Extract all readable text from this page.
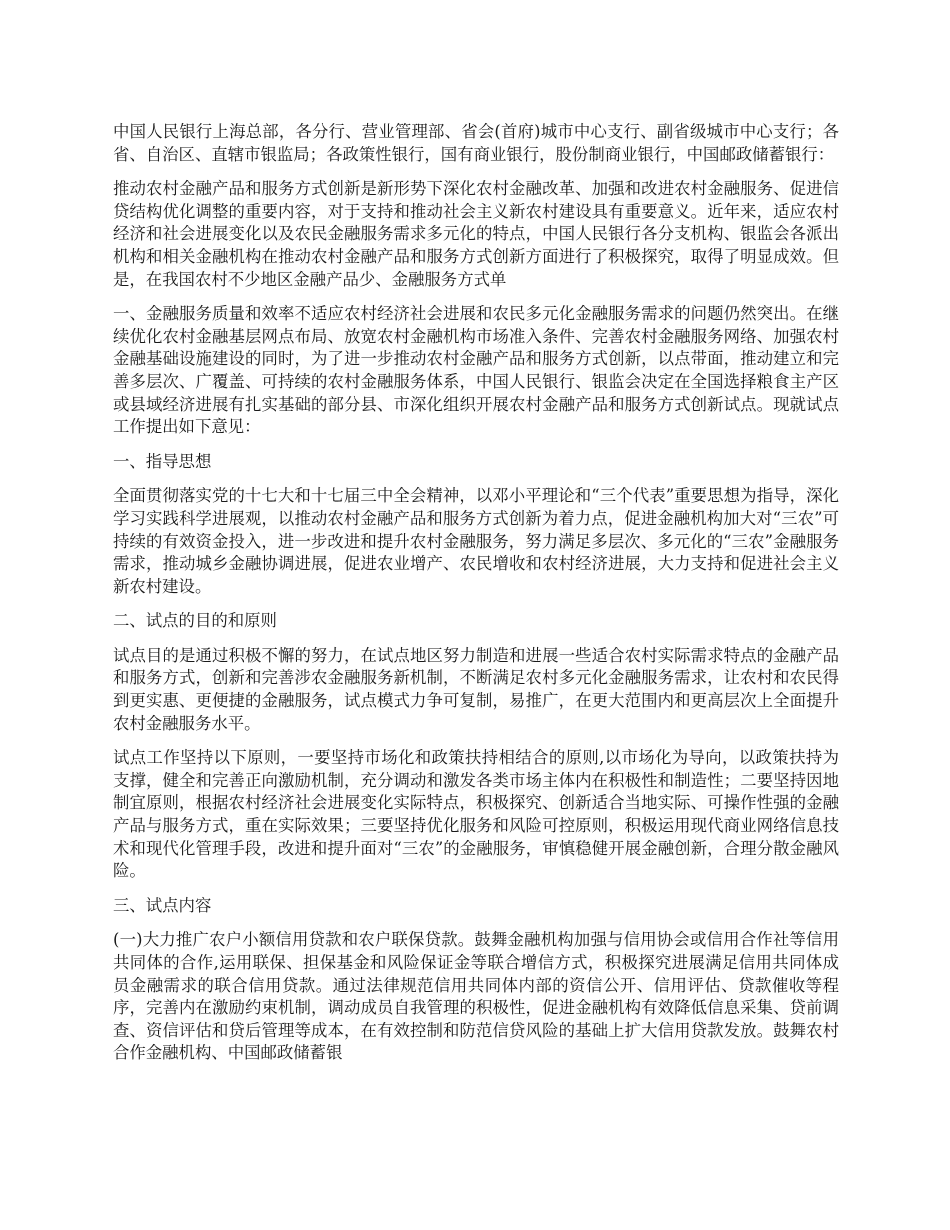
中国人民银行上海总部，各分行、营业管理部、省会(首府)城市中心支行、副省级城市中心支行；各省、自治区、直辖市银监局；各政策性银行，国有商业银行，股份制商业银行，中国邮政储蓄银行：

推动农村金融产品和服务方式创新是新形势下深化农村金融改革、加强和改进农村金融服务、促进信贷结构优化调整的重要内容，对于支持和推动社会主义新农村建设具有重要意义。近年来，适应农村经济和社会进展变化以及农民金融服务需求多元化的特点，中国人民银行各分支机构、银监会各派出机构和相关金融机构在推动农村金融产品和服务方式创新方面进行了积极探究，取得了明显成效。但是，在我国农村不少地区金融产品少、金融服务方式单

一、金融服务质量和效率不适应农村经济社会进展和农民多元化金融服务需求的问题仍然突出。在继续优化农村金融基层网点布局、放宽农村金融机构市场准入条件、完善农村金融服务网络、加强农村金融基础设施建设的同时，为了进一步推动农村金融产品和服务方式创新，以点带面，推动建立和完善多层次、广覆盖、可持续的农村金融服务体系，中国人民银行、银监会决定在全国选择粮食主产区或县域经济进展有扎实基础的部分县、市深化组织开展农村金融产品和服务方式创新试点。现就试点工作提出如下意见：

一、指导思想

全面贯彻落实党的十七大和十七届三中全会精神，以邓小平理论和“三个代表”重要思想为指导，深化学习实践科学进展观，以推动农村金融产品和服务方式创新为着力点，促进金融机构加大对“三农”可持续的有效资金投入，进一步改进和提升农村金融服务，努力满足多层次、多元化的“三农”金融服务需求，推动城乡金融协调进展，促进农业增产、农民增收和农村经济进展，大力支持和促进社会主义新农村建设。

二、试点的目的和原则

试点目的是通过积极不懈的努力，在试点地区努力制造和进展一些适合农村实际需求特点的金融产品和服务方式，创新和完善涉农金融服务新机制，不断满足农村多元化金融服务需求，让农村和农民得到更实惠、更便捷的金融服务，试点模式力争可复制，易推广，在更大范围内和更高层次上全面提升农村金融服务水平。

试点工作坚持以下原则，一要坚持市场化和政策扶持相结合的原则,以市场化为导向，以政策扶持为支撑，健全和完善正向激励机制，充分调动和激发各类市场主体内在积极性和制造性；二要坚持因地制宜原则，根据农村经济社会进展变化实际特点，积极探究、创新适合当地实际、可操作性强的金融产品与服务方式，重在实际效果；三要坚持优化服务和风险可控原则，积极运用现代商业网络信息技术和现代化管理手段，改进和提升面对“三农”的金融服务，审慎稳健开展金融创新，合理分散金融风险。

三、试点内容

(一)大力推广农户小额信用贷款和农户联保贷款。鼓舞金融机构加强与信用协会或信用合作社等信用共同体的合作,运用联保、担保基金和风险保证金等联合增信方式，积极探究进展满足信用共同体成员金融需求的联合信用贷款。通过法律规范信用共同体内部的资信公开、信用评估、贷款催收等程序，完善内在激励约束机制，调动成员自我管理的积极性，促进金融机构有效降低信息采集、贷前调查、资信评估和贷后管理等成本，在有效控制和防范信贷风险的基础上扩大信用贷款发放。鼓舞农村合作金融机构、中国邮政储蓄银
